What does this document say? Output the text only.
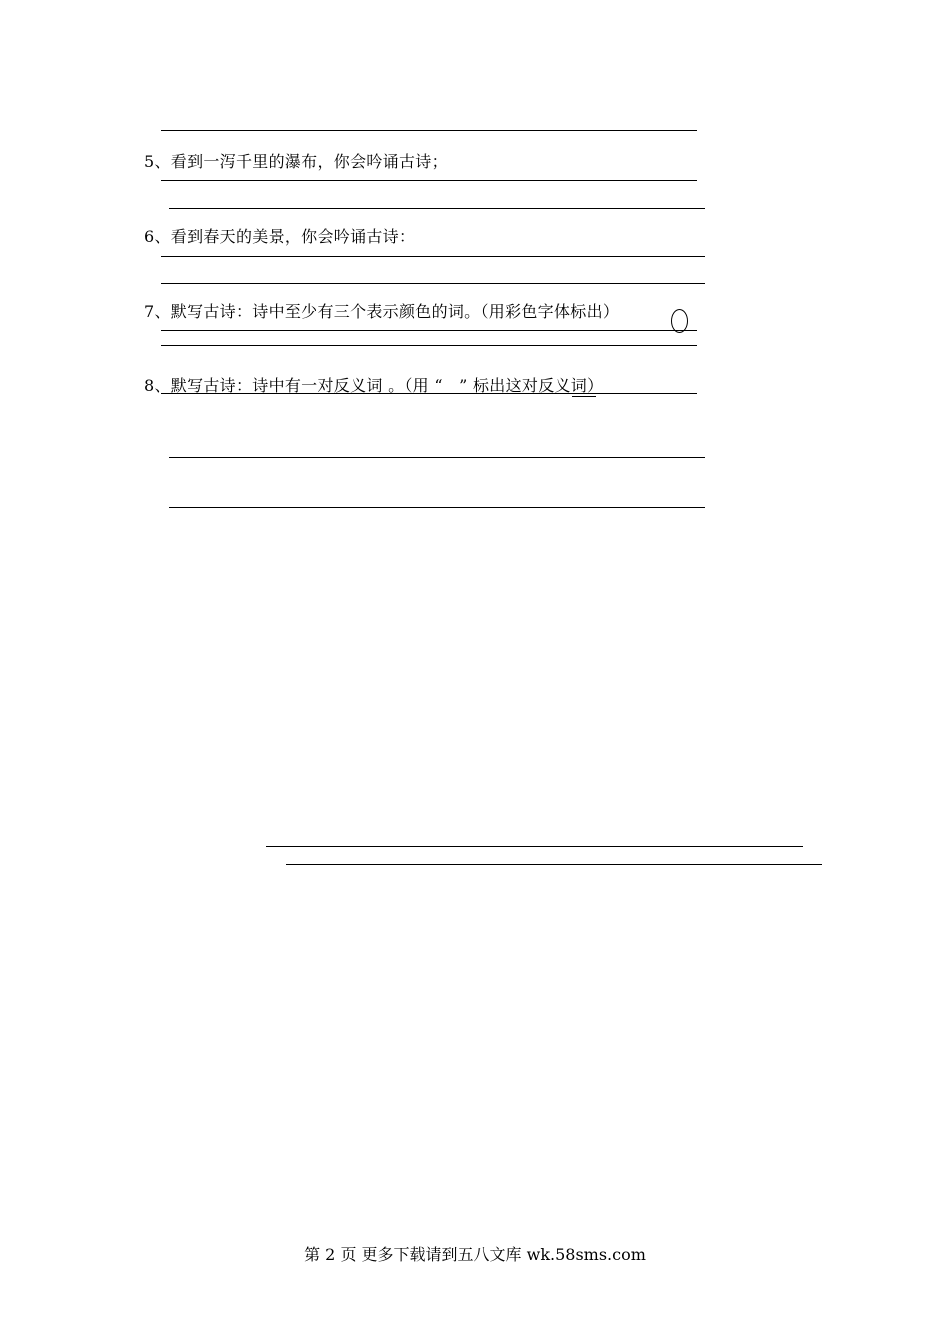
5、看到一泻千里的瀑布，你会吟诵古诗；
6、看到春天的美景，你会吟诵古诗：
7、默写古诗：诗中至少有三个表示颜色的词。（用彩色字体标出）
8、默写古诗：诗中有一对反义词 。（用 “　” 标出这对反义词）
第 2 页 更多下载请到五八文库 wk.58sms.com
